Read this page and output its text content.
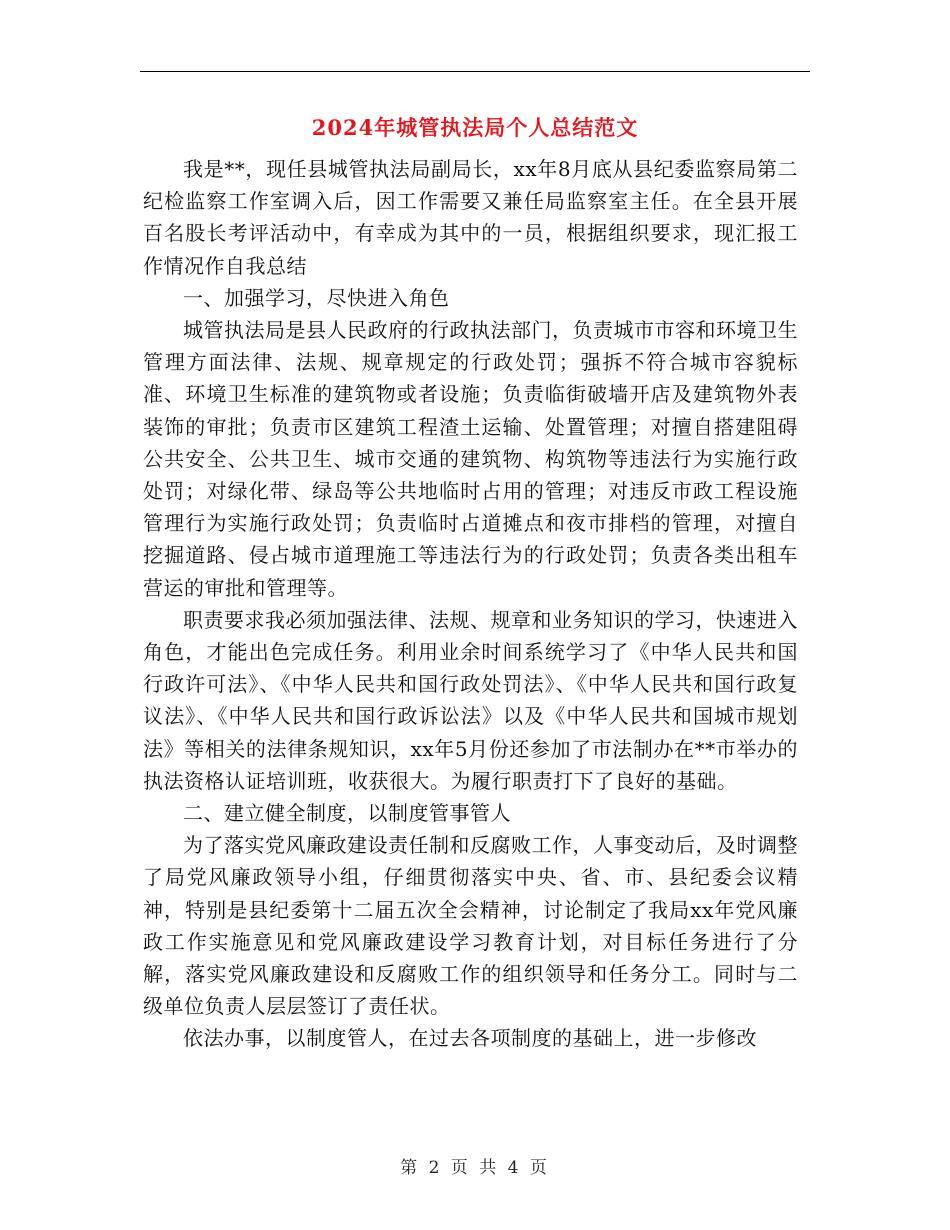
2024年城管执法局个人总结范文

我是**，现任县城管执法局副局长，xx年8月底从县纪委监察局第二纪检监察工作室调入后，因工作需要又兼任局监察室主任。在全县开展百名股长考评活动中，有幸成为其中的一员，根据组织要求，现汇报工作情况作自我总结

一、加强学习，尽快进入角色

城管执法局是县人民政府的行政执法部门，负责城市市容和环境卫生管理方面法律、法规、规章规定的行政处罚；强拆不符合城市容貌标准、环境卫生标准的建筑物或者设施；负责临街破墙开店及建筑物外表装饰的审批；负责市区建筑工程渣土运输、处置管理；对擅自搭建阻碍公共安全、公共卫生、城市交通的建筑物、构筑物等违法行为实施行政处罚；对绿化带、绿岛等公共地临时占用的管理；对违反市政工程设施管理行为实施行政处罚；负责临时占道摊点和夜市排档的管理，对擅自挖掘道路、侵占城市道理施工等违法行为的行政处罚；负责各类出租车营运的审批和管理等。

职责要求我必须加强法律、法规、规章和业务知识的学习，快速进入角色，才能出色完成任务。利用业余时间系统学习了《中华人民共和国行政许可法》、《中华人民共和国行政处罚法》、《中华人民共和国行政复议法》、《中华人民共和国行政诉讼法》以及《中华人民共和国城市规划法》等相关的法律条规知识，xx年5月份还参加了市法制办在**市举办的执法资格认证培训班，收获很大。为履行职责打下了良好的基础。

二、建立健全制度，以制度管事管人

为了落实党风廉政建设责任制和反腐败工作，人事变动后，及时调整了局党风廉政领导小组，仔细贯彻落实中央、省、市、县纪委会议精神，特别是县纪委第十二届五次全会精神，讨论制定了我局xx年党风廉政工作实施意见和党风廉政建设学习教育计划，对目标任务进行了分解，落实党风廉政建设和反腐败工作的组织领导和任务分工。同时与二级单位负责人层层签订了责任状。

依法办事，以制度管人，在过去各项制度的基础上，进一步修改

第 2 页 共 4 页
